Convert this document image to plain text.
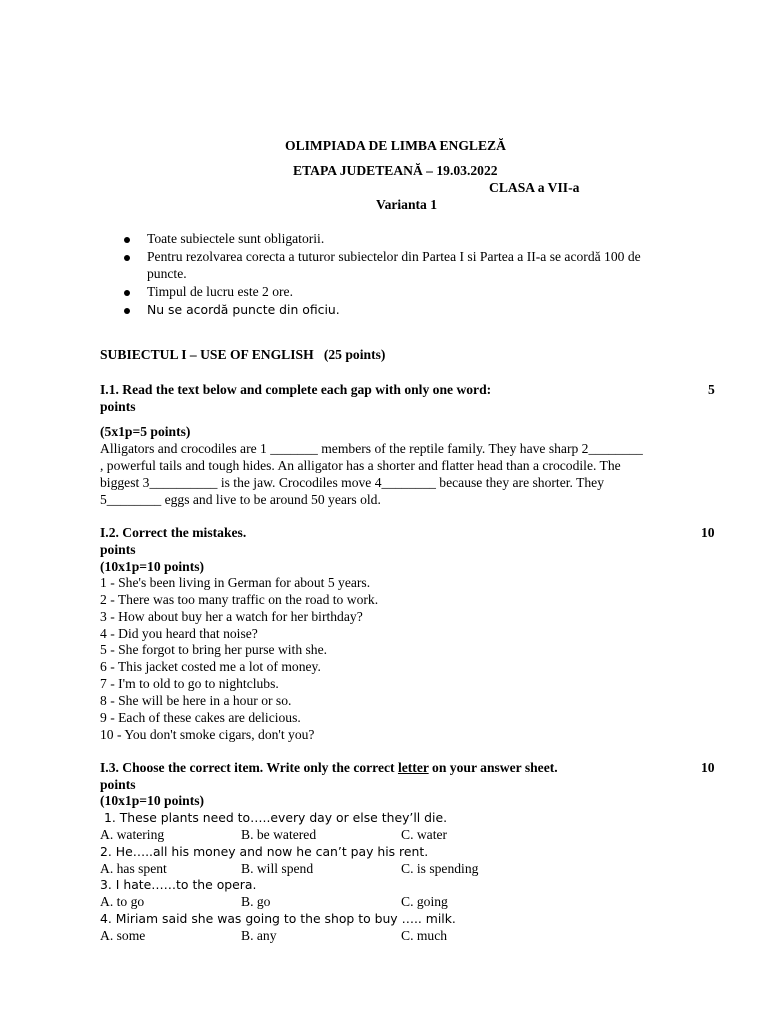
OLIMPIADA DE LIMBA ENGLEZĂ
ETAPA JUDETEANĂ – 19.03.2022
CLASA a VII-a
Varianta 1
Toate subiectele sunt obligatorii.
Pentru rezolvarea corecta a tuturor subiectelor din Partea I si Partea a II-a se acordă 100 de
puncte.
Timpul de lucru este 2 ore.
Nu se acordă puncte din oficiu.
SUBIECTUL I – USE OF ENGLISH   (25 points)
I.1. Read the text below and complete each gap with only one word:	5
points
(5x1p=5 points)
Alligators and crocodiles are 1 _______ members of the reptile family. They have sharp 2________
, powerful tails and tough hides. An alligator has a shorter and flatter head than a crocodile. The
biggest 3__________ is the jaw. Crocodiles move 4________ because they are shorter. They
5________ eggs and live to be around 50 years old.
I.2. Correct the mistakes.	10
points
(10x1p=10 points)
1 - She's been living in German for about 5 years.
2 - There was too many traffic on the road to work.
3 - How about buy her a watch for her birthday?
4 - Did you heard that noise?
5 - She forgot to bring her purse with she.
6 - This jacket costed me a lot of money.
7 - I'm to old to go to nightclubs.
8 - She will be here in a hour or so.
9 - Each of these cakes are delicious.
10 - You don't smoke cigars, don't you?
I.3. Choose the correct item. Write only the correct letter on your answer sheet.	10
points
(10x1p=10 points)
1. These plants need to…..every day or else they’ll die.
A. watering	B. be watered	C. water
2. He…..all his money and now he can’t pay his rent.
A. has spent	B. will spend	C. is spending
3. I hate……to the opera.
A. to go	B. go	C. going
4. Miriam said she was going to the shop to buy ….. milk.
A. some	B. any	C. much
